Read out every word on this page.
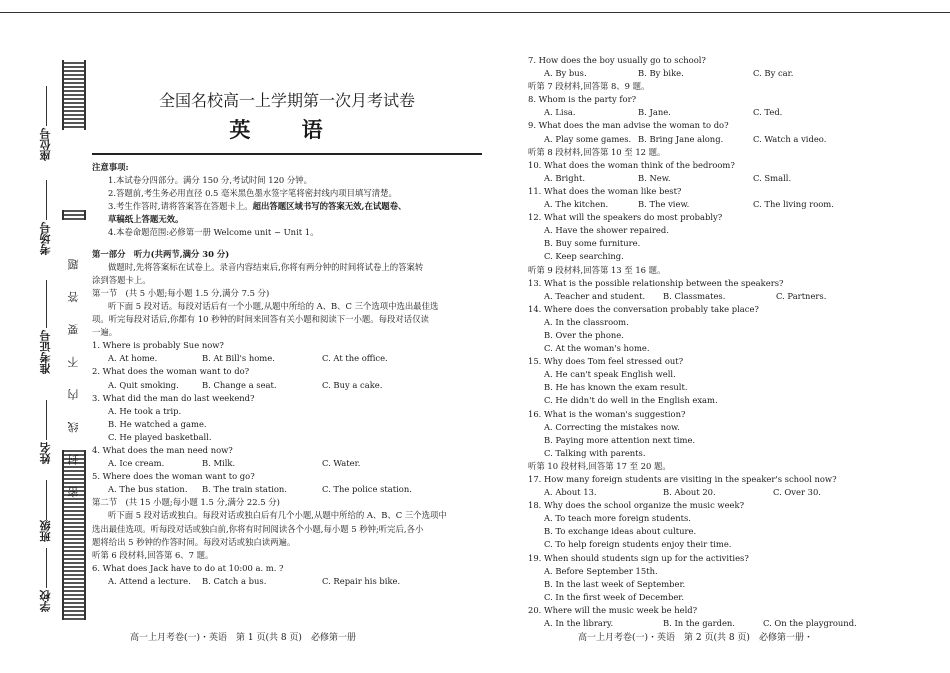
密 封 线 内 不 要 答 题
座位号
考场号
准考证号
姓名
班级
学校

全国名校高一上学期第一次月考试卷

英 语

注意事项:
1.本试卷分四部分。满分 150 分,考试时间 120 分钟。
2.答题前,考生务必用直径 0.5 毫米黑色墨水签字笔将密封线内项目填写清楚。
3.考生作答时,请将答案答在答题卡上。超出答题区域书写的答案无效,在试题卷、
草稿纸上答题无效。
4.本卷命题范围:必修第一册 Welcome unit ~ Unit 1。
第一部分　听力(共两节,满分 30 分)
做题时,先将答案标在试卷上。录音内容结束后,你将有两分钟的时间将试卷上的答案转
涂到答题卡上。
第一节　(共 5 小题;每小题 1.5 分,满分 7.5 分)
听下面 5 段对话。每段对话后有一个小题,从题中所给的 A、B、C 三个选项中选出最佳选
项。听完每段对话后,你都有 10 秒钟的时间来回答有关小题和阅读下一小题。每段对话仅读
一遍。
1. Where is probably Sue now?
A. At home.	B. At Bill's home.	C. At the office.
2. What does the woman want to do?
A. Quit smoking.	B. Change a seat.	C. Buy a cake.
3. What did the man do last weekend?
A. He took a trip.
B. He watched a game.
C. He played basketball.
4. What does the man need now?
A. Ice cream.	B. Milk.	C. Water.
5. Where does the woman want to go?
A. The bus station. B. The train station.	C. The police station.
第二节　(共 15 小题;每小题 1.5 分,满分 22.5 分)
听下面 5 段对话或独白。每段对话或独白后有几个小题,从题中所给的 A、B、C 三个选项中
选出最佳选项。听每段对话或独白前,你将有时间阅读各个小题,每小题 5 秒钟;听完后,各小
题将给出 5 秒钟的作答时间。每段对话或独白读两遍。
听第 6 段材料,回答第 6、7 题。
6. What does Jack have to do at 10:00 a. m. ?
A. Attend a lecture. B. Catch a bus.	C. Repair his bike.
7. How does the boy usually go to school?
A. By bus.	B. By bike.	C. By car.
听第 7 段材料,回答第 8、9 题。
8. Whom is the party for?
A. Lisa.	B. Jane.	C. Ted.
9. What does the man advise the woman to do?
A. Play some games. B. Bring Jane along.	C. Watch a video.
听第 8 段材料,回答第 10 至 12 题。
10. What does the woman think of the bedroom?
A. Bright.	B. New.	C. Small.
11. What does the woman like best?
A. The kitchen.	B. The view.	C. The living room.
12. What will the speakers do most probably?
A. Have the shower repaired.
B. Buy some furniture.
C. Keep searching.
听第 9 段材料,回答第 13 至 16 题。
13. What is the possible relationship between the speakers?
A. Teacher and student. B. Classmates.	C. Partners.
14. Where does the conversation probably take place?
A. In the classroom.
B. Over the phone.
C. At the woman's home.
15. Why does Tom feel stressed out?
A. He can't speak English well.
B. He has known the exam result.
C. He didn't do well in the English exam.
16. What is the woman's suggestion?
A. Correcting the mistakes now.
B. Paying more attention next time.
C. Talking with parents.
听第 10 段材料,回答第 17 至 20 题。
17. How many foreign students are visiting in the speaker's school now?
A. About 13.	B. About 20.	C. Over 30.
18. Why does the school organize the music week?
A. To teach more foreign students.
B. To exchange ideas about culture.
C. To help foreign students enjoy their time.
19. When should students sign up for the activities?
A. Before September 15th.
B. In the last week of September.
C. In the first week of December.
20. Where will the music week be held?
A. In the library.	B. In the garden.	C. On the playground.
高一上月考卷(一)・英语　第 1 页(共 8 页)　必修第一册	高一上月考卷(一)・英语　第 2 页(共 8 页)　必修第一册・
